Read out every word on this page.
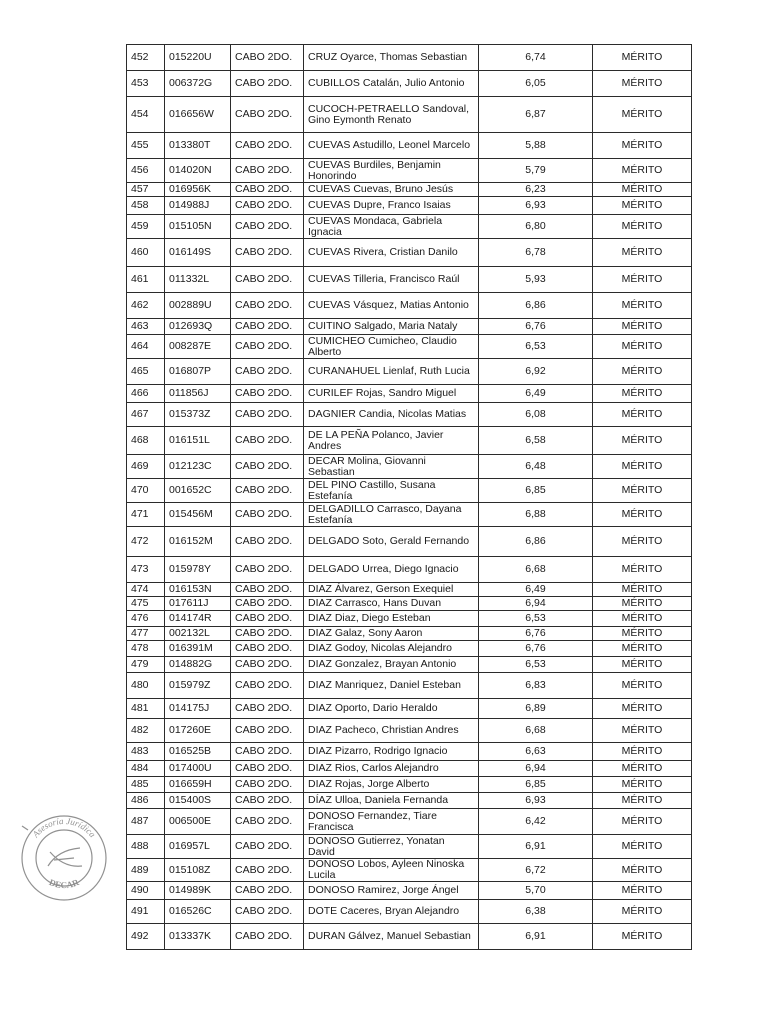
452	015220U	CABO 2DO.	CRUZ Oyarce, Thomas Sebastian	6,74	MÉRITO
453	006372G	CABO 2DO.	CUBILLOS Catalán, Julio Antonio	6,05	MÉRITO
454	016656W	CABO 2DO.	CUCOCH-PETRAELLO Sandoval, Gino Eymonth Renato	6,87	MÉRITO
455	013380T	CABO 2DO.	CUEVAS Astudillo, Leonel Marcelo	5,88	MÉRITO
456	014020N	CABO 2DO.	CUEVAS Burdiles, Benjamin Honorindo	5,79	MÉRITO
457	016956K	CABO 2DO.	CUEVAS Cuevas, Bruno Jesús	6,23	MÉRITO
458	014988J	CABO 2DO.	CUEVAS Dupre, Franco Isaias	6,93	MÉRITO
459	015105N	CABO 2DO.	CUEVAS Mondaca, Gabriela Ignacia	6,80	MÉRITO
460	016149S	CABO 2DO.	CUEVAS Rivera, Cristian Danilo	6,78	MÉRITO
461	011332L	CABO 2DO.	CUEVAS Tilleria, Francisco Raúl	5,93	MÉRITO
462	002889U	CABO 2DO.	CUEVAS Vásquez, Matias Antonio	6,86	MÉRITO
463	012693Q	CABO 2DO.	CUITINO Salgado, Maria Nataly	6,76	MÉRITO
464	008287E	CABO 2DO.	CUMICHEO Cumicheo, Claudio Alberto	6,53	MÉRITO
465	016807P	CABO 2DO.	CURANAHUEL Lienlaf, Ruth Lucia	6,92	MÉRITO
466	011856J	CABO 2DO.	CURILEF Rojas, Sandro Miguel	6,49	MÉRITO
467	015373Z	CABO 2DO.	DAGNIER Candia, Nicolas Matias	6,08	MÉRITO
468	016151L	CABO 2DO.	DE LA PEÑA Polanco, Javier Andres	6,58	MÉRITO
469	012123C	CABO 2DO.	DECAR Molina, Giovanni Sebastian	6,48	MÉRITO
470	001652C	CABO 2DO.	DEL PINO Castillo, Susana Estefanía	6,85	MÉRITO
471	015456M	CABO 2DO.	DELGADILLO Carrasco, Dayana Estefanía	6,88	MÉRITO
472	016152M	CABO 2DO.	DELGADO Soto, Gerald Fernando	6,86	MÉRITO
473	015978Y	CABO 2DO.	DELGADO Urrea, Diego Ignacio	6,68	MÉRITO
474	016153N	CABO 2DO.	DIAZ Álvarez, Gerson Exequiel	6,49	MÉRITO
475	017611J	CABO 2DO.	DIAZ Carrasco, Hans Duvan	6,94	MÉRITO
476	014174R	CABO 2DO.	DIAZ Diaz, Diego Esteban	6,53	MÉRITO
477	002132L	CABO 2DO.	DIAZ Galaz, Sony Aaron	6,76	MÉRITO
478	016391M	CABO 2DO.	DIAZ Godoy, Nicolas Alejandro	6,76	MÉRITO
479	014882G	CABO 2DO.	DIAZ Gonzalez, Brayan Antonio	6,53	MÉRITO
480	015979Z	CABO 2DO.	DIAZ Manriquez, Daniel Esteban	6,83	MÉRITO
481	014175J	CABO 2DO.	DIAZ Oporto, Dario Heraldo	6,89	MÉRITO
482	017260E	CABO 2DO.	DIAZ Pacheco, Christian Andres	6,68	MÉRITO
483	016525B	CABO 2DO.	DIAZ Pizarro, Rodrigo Ignacio	6,63	MÉRITO
484	017400U	CABO 2DO.	DIAZ Rios, Carlos Alejandro	6,94	MÉRITO
485	016659H	CABO 2DO.	DIAZ Rojas, Jorge Alberto	6,85	MÉRITO
486	015400S	CABO 2DO.	DÍAZ Ulloa, Daniela Fernanda	6,93	MÉRITO
487	006500E	CABO 2DO.	DONOSO Fernandez, Tiare Francisca	6,42	MÉRITO
488	016957L	CABO 2DO.	DONOSO Gutierrez, Yonatan David	6,91	MÉRITO
489	015108Z	CABO 2DO.	DONOSO Lobos, Ayleen Ninoska Lucila	6,72	MÉRITO
490	014989K	CABO 2DO.	DONOSO Ramirez, Jorge Ángel	5,70	MÉRITO
491	016526C	CABO 2DO.	DOTE Caceres, Bryan Alejandro	6,38	MÉRITO
492	013337K	CABO 2DO.	DURAN Gálvez, Manuel Sebastian	6,91	MÉRITO
Asesoría Jurídica
DECAR
